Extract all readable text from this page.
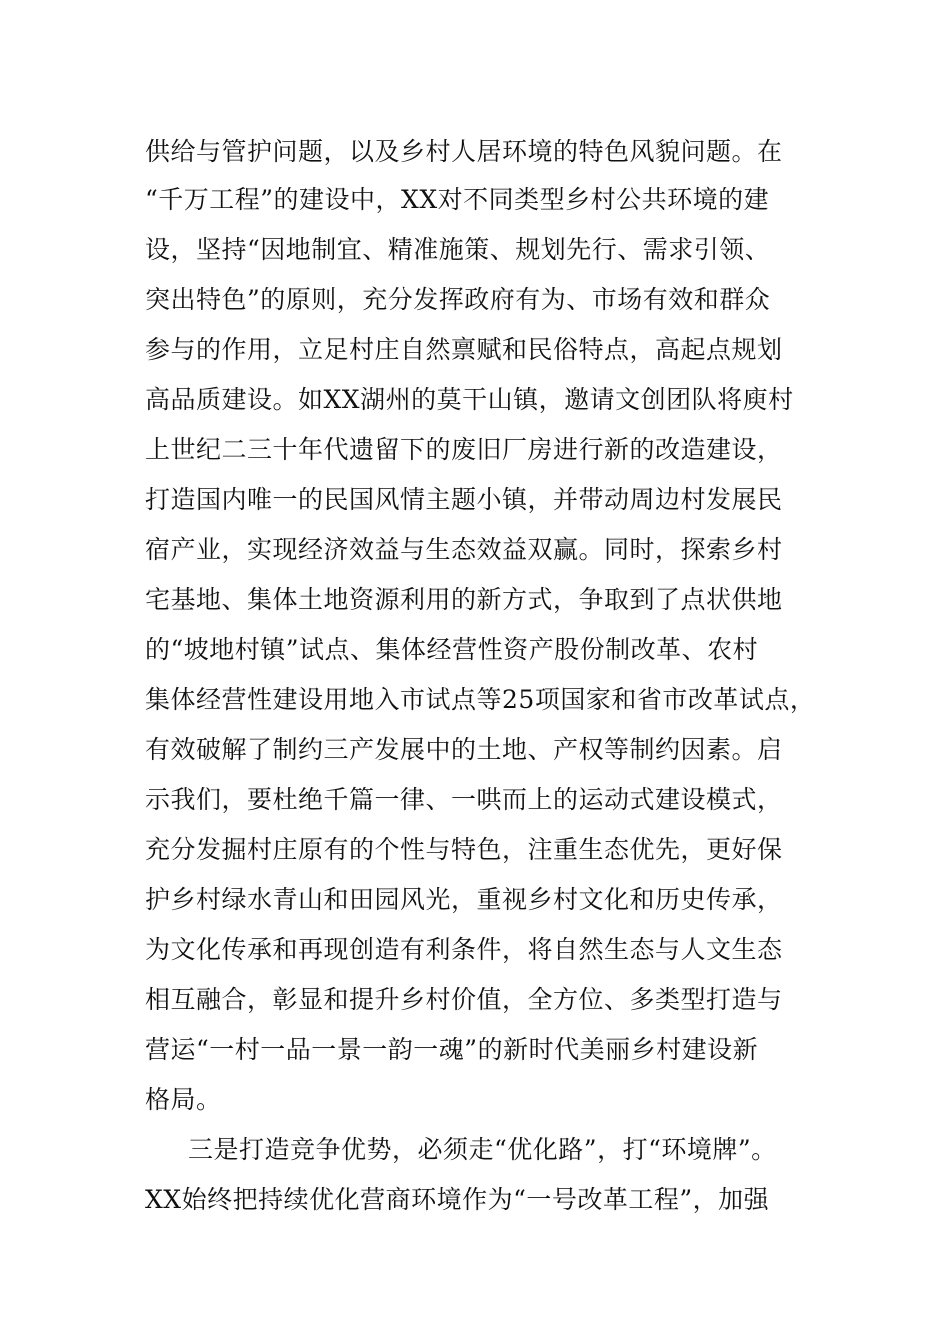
供给与管护问题，以及乡村人居环境的特色风貌问题。在
“千万工程”的建设中，XX对不同类型乡村公共环境的建
设，坚持“因地制宜、精准施策、规划先行、需求引领、
突出特色”的原则，充分发挥政府有为、市场有效和群众
参与的作用，立足村庄自然禀赋和民俗特点，高起点规划
高品质建设。如XX湖州的莫干山镇，邀请文创团队将庾村
上世纪二三十年代遗留下的废旧厂房进行新的改造建设，
打造国内唯一的民国风情主题小镇，并带动周边村发展民
宿产业，实现经济效益与生态效益双赢。同时，探索乡村
宅基地、集体土地资源利用的新方式，争取到了点状供地
的“坡地村镇”试点、集体经营性资产股份制改革、农村
集体经营性建设用地入市试点等25项国家和省市改革试点，
有效破解了制约三产发展中的土地、产权等制约因素。启
示我们，要杜绝千篇一律、一哄而上的运动式建设模式，
充分发掘村庄原有的个性与特色，注重生态优先，更好保
护乡村绿水青山和田园风光，重视乡村文化和历史传承，
为文化传承和再现创造有利条件，将自然生态与人文生态
相互融合，彰显和提升乡村价值，全方位、多类型打造与
营运“一村一品一景一韵一魂”的新时代美丽乡村建设新
格局。
三是打造竞争优势，必须走“优化路”，打“环境牌”。
XX始终把持续优化营商环境作为“一号改革工程”，加强
